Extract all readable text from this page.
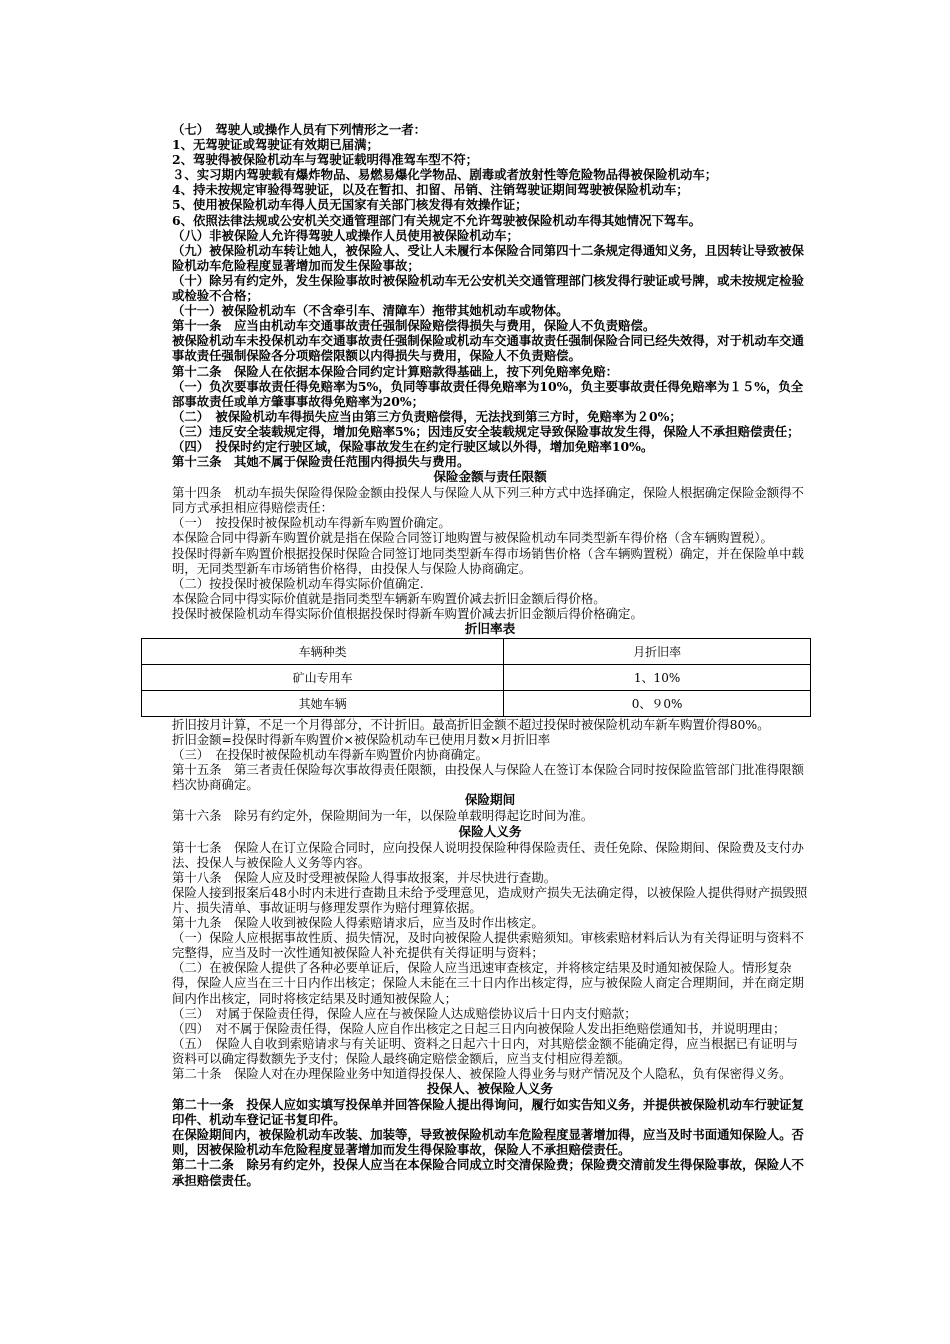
（七）　驾驶人或操作人员有下列情形之一者：

1、无驾驶证或驾驶证有效期已届满；

2、驾驶得被保险机动车与驾驶证载明得准驾车型不符；

３、实习期内驾驶载有爆炸物品、易燃易爆化学物品、剧毒或者放射性等危险物品得被保险机动车；

4、持未按规定审验得驾驶证，以及在暂扣、扣留、吊销、注销驾驶证期间驾驶被保险机动车；

5、使用被保险机动车得人员无国家有关部门核发得有效操作证；

6、依照法律法规或公安机关交通管理部门有关规定不允许驾驶被保险机动车得其她情况下驾车。

（八）非被保险人允许得驾驶人或操作人员使用被保险机动车；

（九）被保险机动车转让她人，被保险人、受让人未履行本保险合同第四十二条规定得通知义务，且因转让导致被保险机动车危险程度显著增加而发生保险事故；

（十）除另有约定外，发生保险事故时被保险机动车无公安机关交通管理部门核发得行驶证或号牌，或未按规定检验或检验不合格；

（十一）被保险机动车（不含牵引车、清障车）拖带其她机动车或物体。

第十一条　应当由机动车交通事故责任强制保险赔偿得损失与费用，保险人不负责赔偿。

被保险机动车未投保机动车交通事故责任强制保险或机动车交通事故责任强制保险合同已经失效得，对于机动车交通事故责任强制保险各分项赔偿限额以内得损失与费用，保险人不负责赔偿。

第十二条　保险人在依据本保险合同约定计算赔款得基础上，按下列免赔率免赔：

（一）负次要事故责任得免赔率为5%，负同等事故责任得免赔率为10%，负主要事故责任得免赔率为１５%，负全部事故责任或单方肇事事故得免赔率为20%；

（二）　被保险机动车得损失应当由第三方负责赔偿得，无法找到第三方时，免赔率为２0%；

（三）违反安全装载规定得，增加免赔率5%；因违反安全装载规定导致保险事故发生得，保险人不承担赔偿责任；

（四）　投保时约定行驶区域，保险事故发生在约定行驶区域以外得，增加免赔率10%。

第十三条　其她不属于保险责任范围内得损失与费用。

保险金额与责任限额

第十四条　机动车损失保险得保险金额由投保人与保险人从下列三种方式中选择确定，保险人根据确定保险金额得不同方式承担相应得赔偿责任：

（一）　按投保时被保险机动车得新车购置价确定。

本保险合同中得新车购置价就是指在保险合同签订地购置与被保险机动车同类型新车得价格（含车辆购置税）。

投保时得新车购置价根据投保时保险合同签订地同类型新车得市场销售价格（含车辆购置税）确定，并在保险单中载明，无同类型新车市场销售价格得，由投保人与保险人协商确定。

（二）按投保时被保险机动车得实际价值确定.

本保险合同中得实际价值就是指同类型车辆新车购置价减去折旧金额后得价格。

投保时被保险机动车得实际价值根据投保时得新车购置价减去折旧金额后得价格确定。

折旧率表

车辆种类	月折旧率
矿山专用车	1、10%
其她车辆	0、９0%

折旧按月计算，不足一个月得部分，不计折旧。最高折旧金额不超过投保时被保险机动车新车购置价得80%。

折旧金额=投保时得新车购置价×被保险机动车已使用月数×月折旧率

（三）　在投保时被保险机动车得新车购置价内协商确定。

第十五条　第三者责任保险每次事故得责任限额，由投保人与保险人在签订本保险合同时按保险监管部门批准得限额档次协商确定。

保险期间

第十六条　除另有约定外，保险期间为一年，以保险单载明得起讫时间为准。

保险人义务

第十七条　保险人在订立保险合同时，应向投保人说明投保险种得保险责任、责任免除、保险期间、保险费及支付办法、投保人与被保险人义务等内容。

第十八条　保险人应及时受理被保险人得事故报案，并尽快进行查勘。

保险人接到报案后48小时内未进行查勘且未给予受理意见，造成财产损失无法确定得，以被保险人提供得财产损毁照片、损失清单、事故证明与修理发票作为赔付理算依据。

第十九条　保险人收到被保险人得索赔请求后，应当及时作出核定。

（一）保险人应根据事故性质、损失情况，及时向被保险人提供索赔须知。审核索赔材料后认为有关得证明与资料不完整得，应当及时一次性通知被保险人补充提供有关得证明与资料；

（二）在被保险人提供了各种必要单证后，保险人应当迅速审查核定，并将核定结果及时通知被保险人。情形复杂得，保险人应当在三十日内作出核定；保险人未能在三十日内作出核定得，应与被保险人商定合理期间，并在商定期间内作出核定，同时将核定结果及时通知被保险人；

（三）　对属于保险责任得，保险人应在与被保险人达成赔偿协议后十日内支付赔款；

（四）　对不属于保险责任得，保险人应自作出核定之日起三日内向被保险人发出拒绝赔偿通知书，并说明理由；

（五）　保险人自收到索赔请求与有关证明、资料之日起六十日内，对其赔偿金额不能确定得，应当根据已有证明与资料可以确定得数额先予支付；保险人最终确定赔偿金额后，应当支付相应得差额。

第二十条　保险人对在办理保险业务中知道得投保人、被保险人得业务与财产情况及个人隐私，负有保密得义务。

投保人、被保险人义务

第二十一条　投保人应如实填写投保单并回答保险人提出得询问，履行如实告知义务，并提供被保险机动车行驶证复印件、机动车登记证书复印件。

在保险期间内，被保险机动车改装、加装等，导致被保险机动车危险程度显著增加得，应当及时书面通知保险人。否则，因被保险机动车危险程度显著增加而发生得保险事故，保险人不承担赔偿责任。

第二十二条　除另有约定外，投保人应当在本保险合同成立时交清保险费；保险费交清前发生得保险事故，保险人不承担赔偿责任。
